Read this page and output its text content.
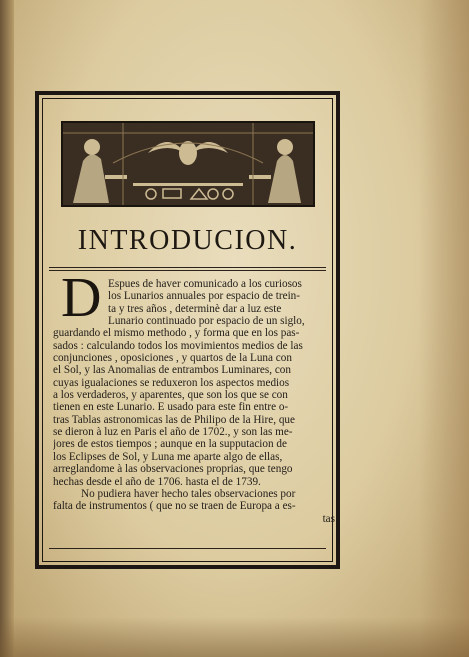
INTRODUCION.
D Espues de haver comunicado a los curiosos
los Lunarios annuales por espacio de trein-
ta y tres años , determinè dar a luz este
Lunario continuado por espacio de un siglo,
guardando el mismo methodo , y forma que en los pas-
sados : calculando todos los movimientos medios de las
conjunciones , oposiciones , y quartos de la Luna con
el Sol, y las Anomalias de entrambos Luminares, con
cuyas igualaciones se reduxeron los aspectos medios
a los verdaderos, y aparentes, que son los que se con
tienen en este Lunario. E usado para este fin entre o-
tras Tablas astronomicas las de Philipo de la Hire, que
se dieron à luz en Paris el año de 1702., y son las me-
jores de estos tiempos ; aunque en la supputacion de
los Eclipses de Sol, y Luna me aparte algo de ellas,
arreglandome à las observaciones proprias, que tengo
hechas desde el año de 1706. hasta el de 1739.
No pudiera haver hecho tales observaciones por
falta de instrumentos ( que no se traen de Europa a es-
tas
